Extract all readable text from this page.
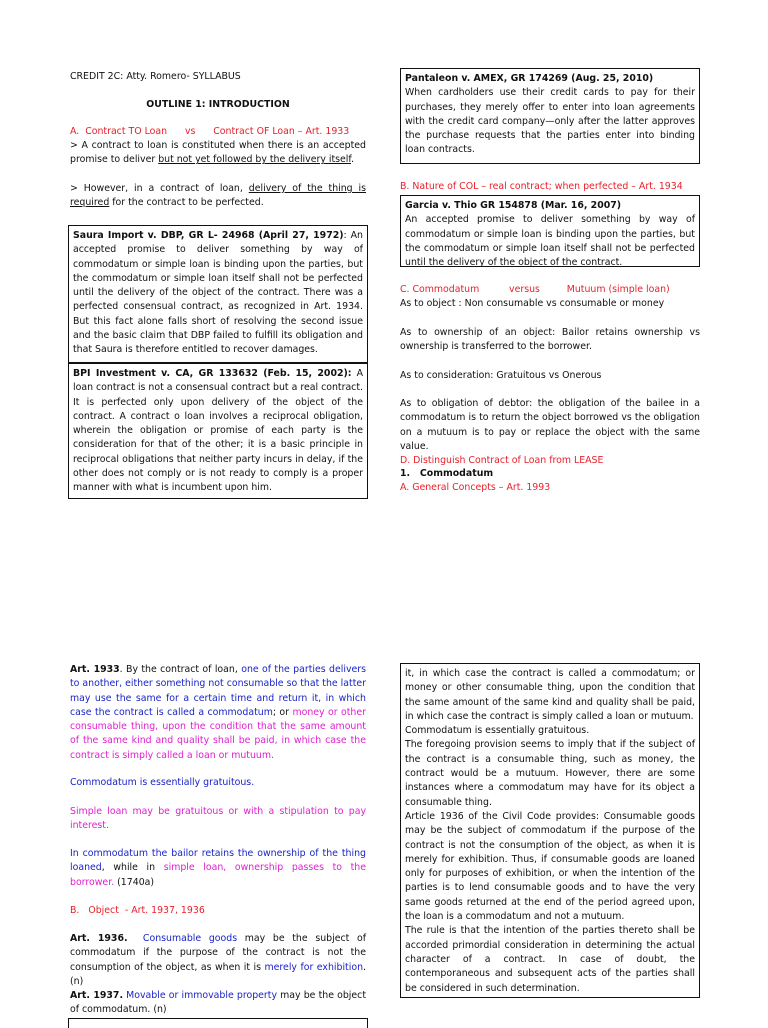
CREDIT 2C: Atty. Romero- SYLLABUS
OUTLINE 1: INTRODUCTION
A.  Contract TO Loan      vs      Contract OF Loan – Art. 1933

> A contract to loan is constituted when there is an accepted promise to deliver but not yet followed by the delivery itself.

> However, in a contract of loan, delivery of the thing is required for the contract to be perfected.

Saura Import v. DBP, GR L- 24968 (April 27, 1972): An accepted promise to deliver something by way of commodatum or simple loan is binding upon the parties, but the commodatum or simple loan itself shall not be perfected until the delivery of the object of the contract. There was a perfected consensual contract, as recognized in Art. 1934. But this fact alone falls short of resolving the second issue and the basic claim that DBP failed to fulfill its obligation and that Saura is therefore entitled to recover damages.

BPI Investment v. CA, GR 133632 (Feb. 15, 2002): A loan contract is not a consensual contract but a real contract. It is perfected only upon delivery of the object of the contract. A contract o loan involves a reciprocal obligation, wherein the obligation or promise of each party is the consideration for that of the other; it is a basic principle in reciprocal obligations that neither party incurs in delay, if the other does not comply or is not ready to comply is a proper manner with what is incumbent upon him.

Pantaleon v. AMEX, GR 174269 (Aug. 25, 2010)

When cardholders use their credit cards to pay for their purchases, they merely offer to enter into loan agreements with the credit card company—only after the latter approves the purchase requests that the parties enter into binding loan contracts.

B. Nature of COL – real contract; when perfected – Art. 1934

Garcia v. Thio GR 154878 (Mar. 16, 2007)

An accepted promise to deliver something by way of commodatum or simple loan is binding upon the parties, but the commodatum or simple loan itself shall not be perfected until the delivery of the object of the contract.

C. Commodatum          versus         Mutuum (simple loan)

As to object : Non consumable vs consumable or money

As to ownership of an object: Bailor retains ownership vs ownership is transferred to the borrower.

As to consideration: Gratuitous vs Onerous

As to obligation of debtor: the obligation of the bailee in a commodatum is to return the object borrowed vs the obligation on a mutuum is to pay or replace the object with the same value.

D. Distinguish Contract of Loan from LEASE
1.   Commodatum
A. General Concepts – Art. 1993

Art. 1933. By the contract of loan, one of the parties delivers to another, either something not consumable so that the latter may use the same for a certain time and return it, in which case the contract is called a commodatum; or money or other consumable thing, upon the condition that the same amount of the same kind and quality shall be paid, in which case the contract is simply called a loan or mutuum.

Commodatum is essentially gratuitous.

Simple loan may be gratuitous or with a stipulation to pay interest.

In commodatum the bailor retains the ownership of the thing loaned, while in simple loan, ownership passes to the borrower. (1740a)

B.   Object  - Art. 1937, 1936

Art. 1936. Consumable goods may be the subject of commodatum if the purpose of the contract is not the consumption of the object, as when it is merely for exhibition. (n)

Art. 1937. Movable or immovable property may be the object of commodatum. (n)

it, in which case the contract is called a commodatum; or money or other consumable thing, upon the condition that the same amount of the same kind and quality shall be paid, in which case the contract is simply called a loan or mutuum.

Commodatum is essentially gratuitous.

The foregoing provision seems to imply that if the subject of the contract is a consumable thing, such as money, the contract would be a mutuum. However, there are some instances where a commodatum may have for its object a consumable thing.

Article 1936 of the Civil Code provides: Consumable goods may be the subject of commodatum if the purpose of the contract is not the consumption of the object, as when it is merely for exhibition. Thus, if consumable goods are loaned only for purposes of exhibition, or when the intention of the parties is to lend consumable goods and to have the very same goods returned at the end of the period agreed upon, the loan is a commodatum and not a mutuum.

The rule is that the intention of the parties thereto shall be accorded primordial consideration in determining the actual character of a contract. In case of doubt, the contemporaneous and subsequent acts of the parties shall be considered in such determination.
